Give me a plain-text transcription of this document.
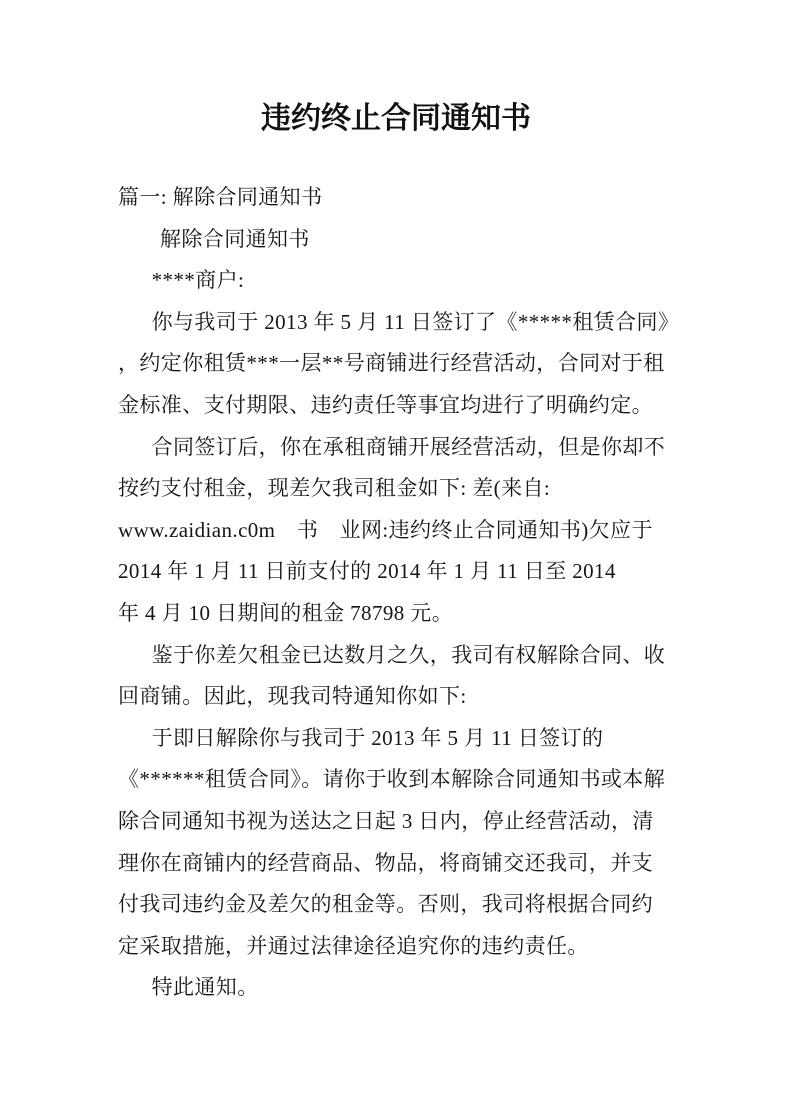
违约终止合同通知书
篇一: 解除合同通知书
解除合同通知书
****商户:
你与我司于 2013 年 5 月 11 日签订了《*****租赁合同》
，约定你租赁***一层**号商铺进行经营活动，合同对于租
金标准、支付期限、违约责任等事宜均进行了明确约定。
合同签订后，你在承租商铺开展经营活动，但是你却不
按约支付租金，现差欠我司租金如下: 差(来自:
www.zaidian.c0m　书　业网:违约终止合同通知书)欠应于
2014 年 1 月 11 日前支付的 2014 年 1 月 11 日至 2014
年 4 月 10 日期间的租金 78798 元。
鉴于你差欠租金已达数月之久，我司有权解除合同、收
回商铺。因此，现我司特通知你如下:
于即日解除你与我司于 2013 年 5 月 11 日签订的
《******租赁合同》。请你于收到本解除合同通知书或本解
除合同通知书视为送达之日起 3 日内，停止经营活动，清
理你在商铺内的经营商品、物品，将商铺交还我司，并支
付我司违约金及差欠的租金等。否则，我司将根据合同约
定采取措施，并通过法律途径追究你的违约责任。
特此通知。
